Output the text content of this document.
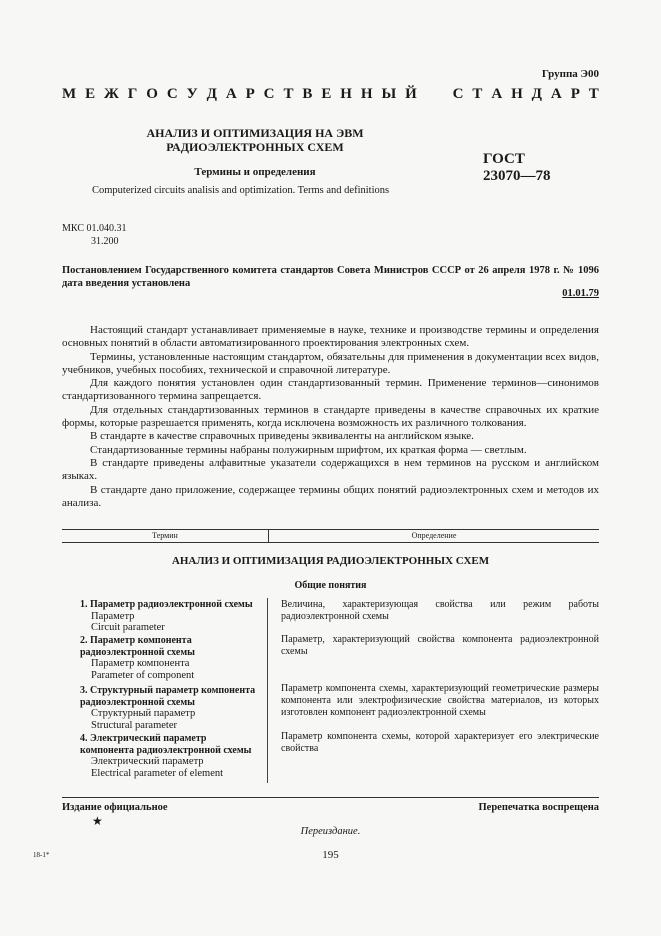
Группа Э00
М Е Ж Г О С У Д А Р С Т В Е Н Н Ы Й С Т А Н Д А Р Т
АНАЛИЗ И ОПТИМИЗАЦИЯ НА ЭВМ
РАДИОЭЛЕКТРОННЫХ СХЕМ
Термины и определения
ГОСТ
23070—78
Computerized circuits analisis and optimization. Terms and definitions
МКС 01.040.31
31.200
Постановлением Государственного комитета стандартов Совета Министров СССР от 26 апреля 1978 г. № 1096 дата введения установлена
01.01.79

Настоящий стандарт устанавливает применяемые в науке, технике и производстве термины и определения основных понятий в области автоматизированного проектирования электронных схем.

Термины, установленные настоящим стандартом, обязательны для применения в документации всех видов, учебников, учебных пособиях, технической и справочной литературе.

Для каждого понятия установлен один стандартизованный термин. Применение терминов—синонимов стандартизованного термина запрещается.

Для отдельных стандартизованных терминов в стандарте приведены в качестве справочных их краткие формы, которые разрешается применять, когда исключена возможность их различного толкования.

В стандарте в качестве справочных приведены эквиваленты на английском языке.

Стандартизованные термины набраны полужирным шрифтом, их краткая форма — светлым.

В стандарте приведены алфавитные указатели содержащихся в нем терминов на русском и английском языках.

В стандарте дано приложение, содержащее термины общих понятий радиоэлектронных схем и методов их анализа.

Термин	Определение
АНАЛИЗ И ОПТИМИЗАЦИЯ РАДИОЭЛЕКТРОННЫХ СХЕМ
Общие понятия
1. Параметр радиоэлектронной схемы
Параметр
Circuit parameter
Величина, характеризующая свойства или режим работы радиоэлектронной схемы
2. Параметр компонента радиоэлектронной схемы
Параметр компонента
Parameter of component
Параметр, характеризующий свойства компонента радиоэлектронной схемы
3. Структурный параметр компонента радиоэлектронной схемы
Структурный параметр
Structural parameter
Параметр компонента схемы, характеризующий геометрические размеры компонента или электрофизические свойства материалов, из которых изготовлен компонент радиоэлектронной схемы
4. Электрический параметр компонента радиоэлектронной схемы
Электрический параметр
Electrical parameter of element
Параметр компонента схемы, которой характеризует его электрические свойства
Издание официальное
★
Перепечатка воспрещена
Переиздание.
195
18-1*
